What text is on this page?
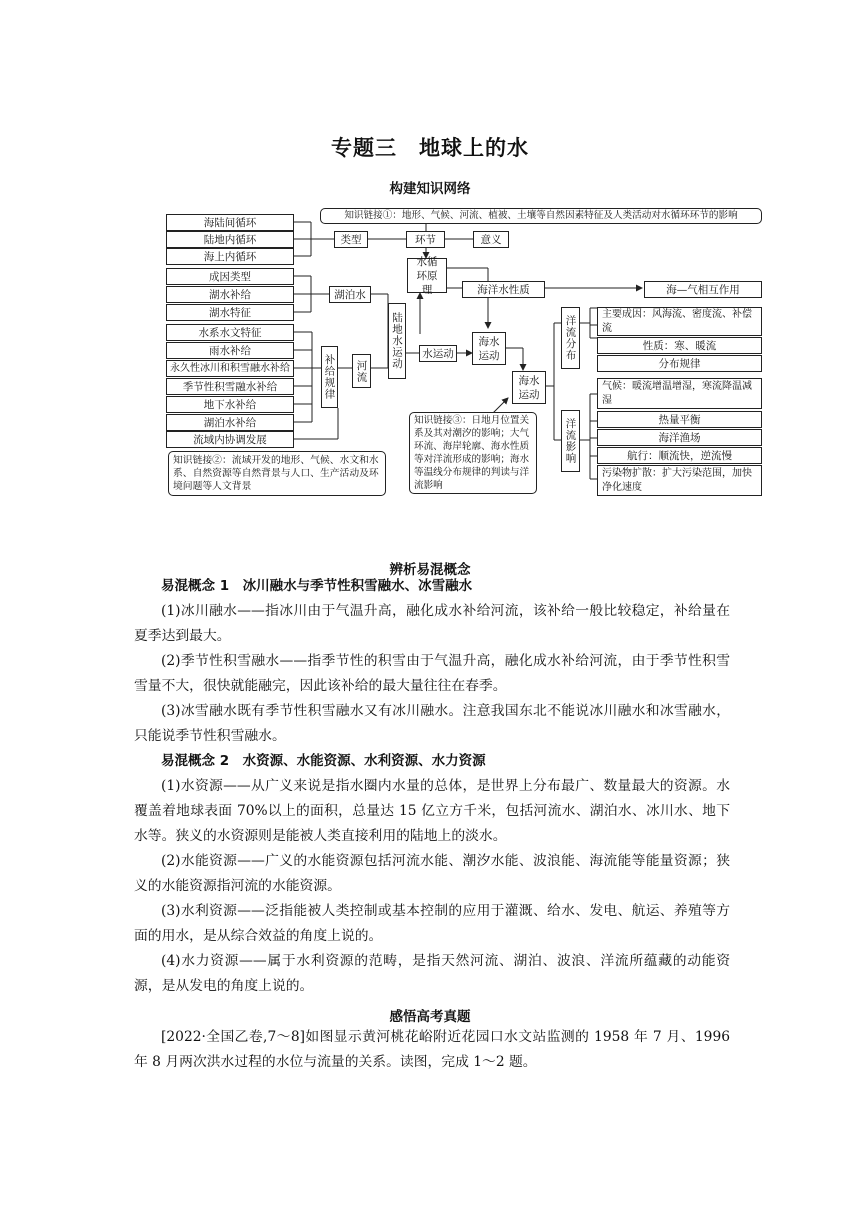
专题三　地球上的水
构建知识网络
海陆间循环
陆地内循环
海上内循环
成因类型
湖水补给
湖水特征
水系水文特征
雨水补给
永久性冰川和积雪融水补给
季节性积雪融水补给
地下水补给
湖泊水补给
流域内协调发展
知识链接①：地形、气候、河流、植被、土壤等自然因素特征及人类活动对水循环环节的影响
类型	环节	意义
水循环原理	海洋水性质	海—气相互作用
湖泊水
陆地水运动	水运动
海水运动
海水运动
补给规律	河流
洋流分布
洋流影响
主要成因：风海流、密度流、补偿流
性质：寒、暖流
分布规律
气候：暖流增温增湿，寒流降温减湿
热量平衡
海洋渔场
航行：顺流快，逆流慢
污染物扩散：扩大污染范围，加快净化速度
知识链接②：流域开发的地形、气候、水文和水系、自然资源等自然背景与人口、生产活动及环境问题等人文背景
知识链接③：日地月位置关系及其对潮汐的影响；大气环流、海岸轮廓、海水性质等对洋流形成的影响；海水等温线分布规律的判读与洋流影响
辨析易混概念

易混概念 1　冰川融水与季节性积雪融水、冰雪融水

(1)冰川融水——指冰川由于气温升高，融化成水补给河流，该补给一般比较稳定，补给量在夏季达到最大。

(2)季节性积雪融水——指季节性的积雪由于气温升高，融化成水补给河流，由于季节性积雪雪量不大，很快就能融完，因此该补给的最大量往往在春季。

(3)冰雪融水既有季节性积雪融水又有冰川融水。注意我国东北不能说冰川融水和冰雪融水，只能说季节性积雪融水。

易混概念 2　水资源、水能资源、水利资源、水力资源

(1)水资源——从广义来说是指水圈内水量的总体，是世界上分布最广、数量最大的资源。水覆盖着地球表面 70%以上的面积，总量达 15 亿立方千米，包括河流水、湖泊水、冰川水、地下水等。狭义的水资源则是能被人类直接利用的陆地上的淡水。

(2)水能资源——广义的水能资源包括河流水能、潮汐水能、波浪能、海流能等能量资源；狭义的水能资源指河流的水能资源。

(3)水利资源——泛指能被人类控制或基本控制的应用于灌溉、给水、发电、航运、养殖等方面的用水，是从综合效益的角度上说的。

(4)水力资源——属于水利资源的范畴，是指天然河流、湖泊、波浪、洋流所蕴藏的动能资源，是从发电的角度上说的。

感悟高考真题

[2022·全国乙卷,7～8]如图显示黄河桃花峪附近花园口水文站监测的 1958 年 7 月、1996 年 8 月两次洪水过程的水位与流量的关系。读图，完成 1～2 题。
